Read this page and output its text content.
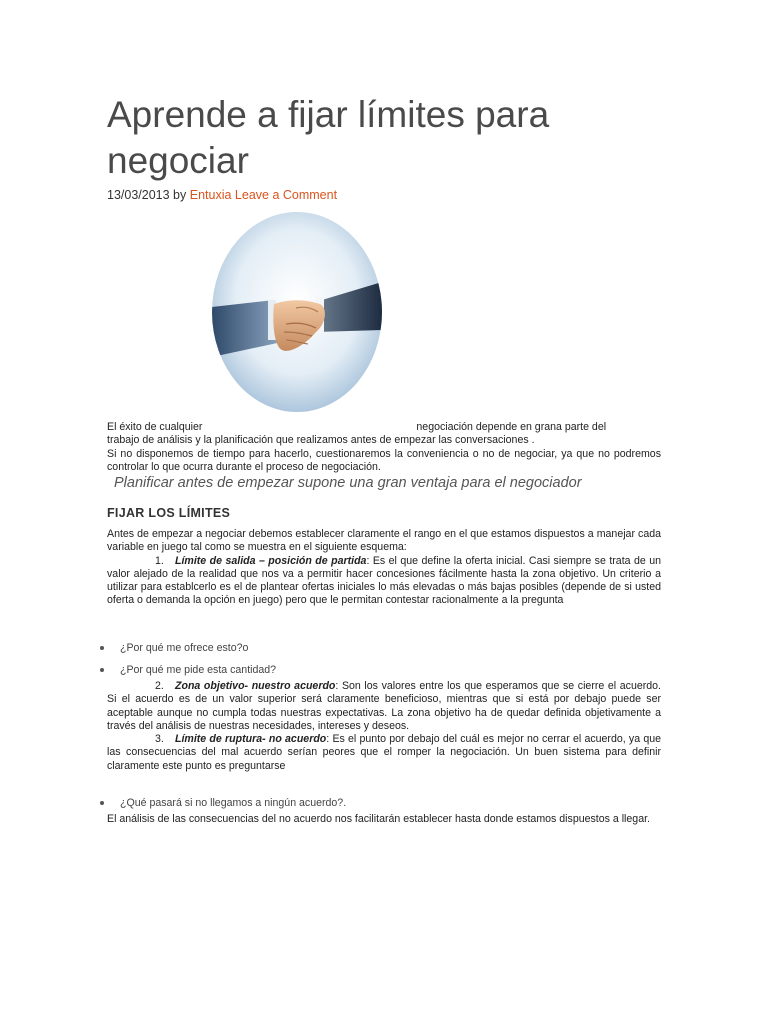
Aprende a fijar límites para negociar
13/03/2013 by Entuxia Leave a Comment
El éxito de cualquier	negociación depende en grana parte del
trabajo de análisis y la planificación que realizamos antes de empezar las conversaciones .
Si no disponemos de tiempo para hacerlo, cuestionaremos la conveniencia o no de negociar, ya que no podremos controlar lo que ocurra durante el proceso de negociación.
Planificar antes de empezar supone una gran ventaja para el negociador
FIJAR LOS LÍMITES
Antes de empezar a negociar debemos establecer claramente el rango en el que estamos dispuestos a manejar cada variable en juego tal como se muestra en el siguiente esquema:
1. Límite de salida – posición de partida: Es el que define la oferta inicial. Casi siempre se trata de un valor alejado de la realidad que nos va a permitir hacer concesiones fácilmente hasta la zona objetivo. Un criterio a utilizar para establcerlo es el de plantear ofertas iniciales lo más elevadas o más bajas posibles (depende de si usted oferta o demanda la opción en juego) pero que le permitan contestar racionalmente a la pregunta
¿Por qué me ofrece esto?o
¿Por qué me pide esta cantidad?
2. Zona objetivo- nuestro acuerdo: Son los valores entre los que esperamos que se cierre el acuerdo. Si el acuerdo es de un valor superior será claramente beneficioso, mientras que si está por debajo puede ser aceptable aunque no cumpla todas nuestras expectativas. La zona objetivo ha de quedar definida objetivamente a través del análisis de nuestras necesidades, intereses y deseos.
3. Límite de ruptura- no acuerdo: Es el punto por debajo del cuál es mejor no cerrar el acuerdo, ya que las consecuencias del mal acuerdo serían peores que el romper la negociación. Un buen sistema para definir claramente este punto es preguntarse
¿Qué pasará si no llegamos a ningún acuerdo?.
El análisis de las consecuencias del no acuerdo nos facilitarán establecer hasta donde estamos dispuestos a llegar.
